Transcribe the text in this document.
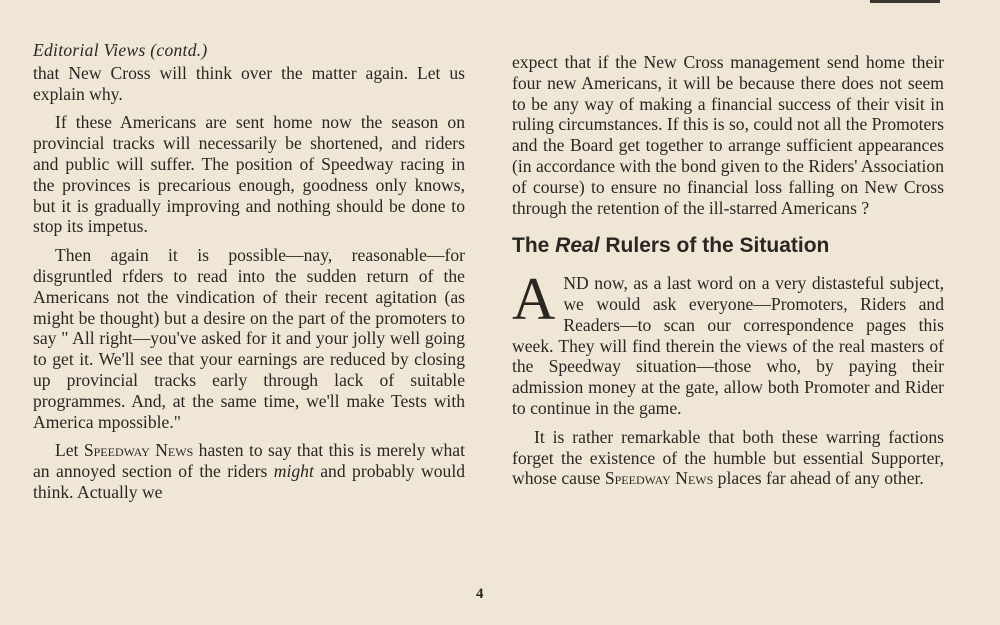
Editorial Views (contd.)

that New Cross will think over the matter again. Let us explain why.

If these Americans are sent home now the season on provincial tracks will necessarily be shortened, and riders and public will suffer. The position of Speedway racing in the provinces is precarious enough, goodness only knows, but it is gradually improving and nothing should be done to stop its impetus.

Then again it is possible—nay, reasonable—for disgruntled rfders to read into the sudden return of the Americans not the vindication of their recent agitation (as might be thought) but a desire on the part of the promoters to say " All right—you've asked for it and your jolly well going to get it. We'll see that your earnings are reduced by closing up provincial tracks early through lack of suitable programmes. And, at the same time, we'll make Tests with America mpossible."

Let Speedway News hasten to say that this is merely what an annoyed section of the riders might and probably would think. Actually we

expect that if the New Cross management send home their four new Americans, it will be because there does not seem to be any way of making a financial success of their visit in ruling circumstances. If this is so, could not all the Promoters and the Board get together to arrange sufficient appearances (in accordance with the bond given to the Riders' Association of course) to ensure no financial loss falling on New Cross through the retention of the ill-starred Americans ?

The Real Rulers of the Situation

AND now, as a last word on a very distasteful subject, we would ask everyone—Promoters, Riders and Readers—to scan our correspondence pages this week. They will find therein the views of the real masters of the Speedway situation—those who, by paying their admission money at the gate, allow both Promoter and Rider to continue in the game.

It is rather remarkable that both these warring factions forget the existence of the humble but essential Supporter, whose cause Speedway News places far ahead of any other.

4
